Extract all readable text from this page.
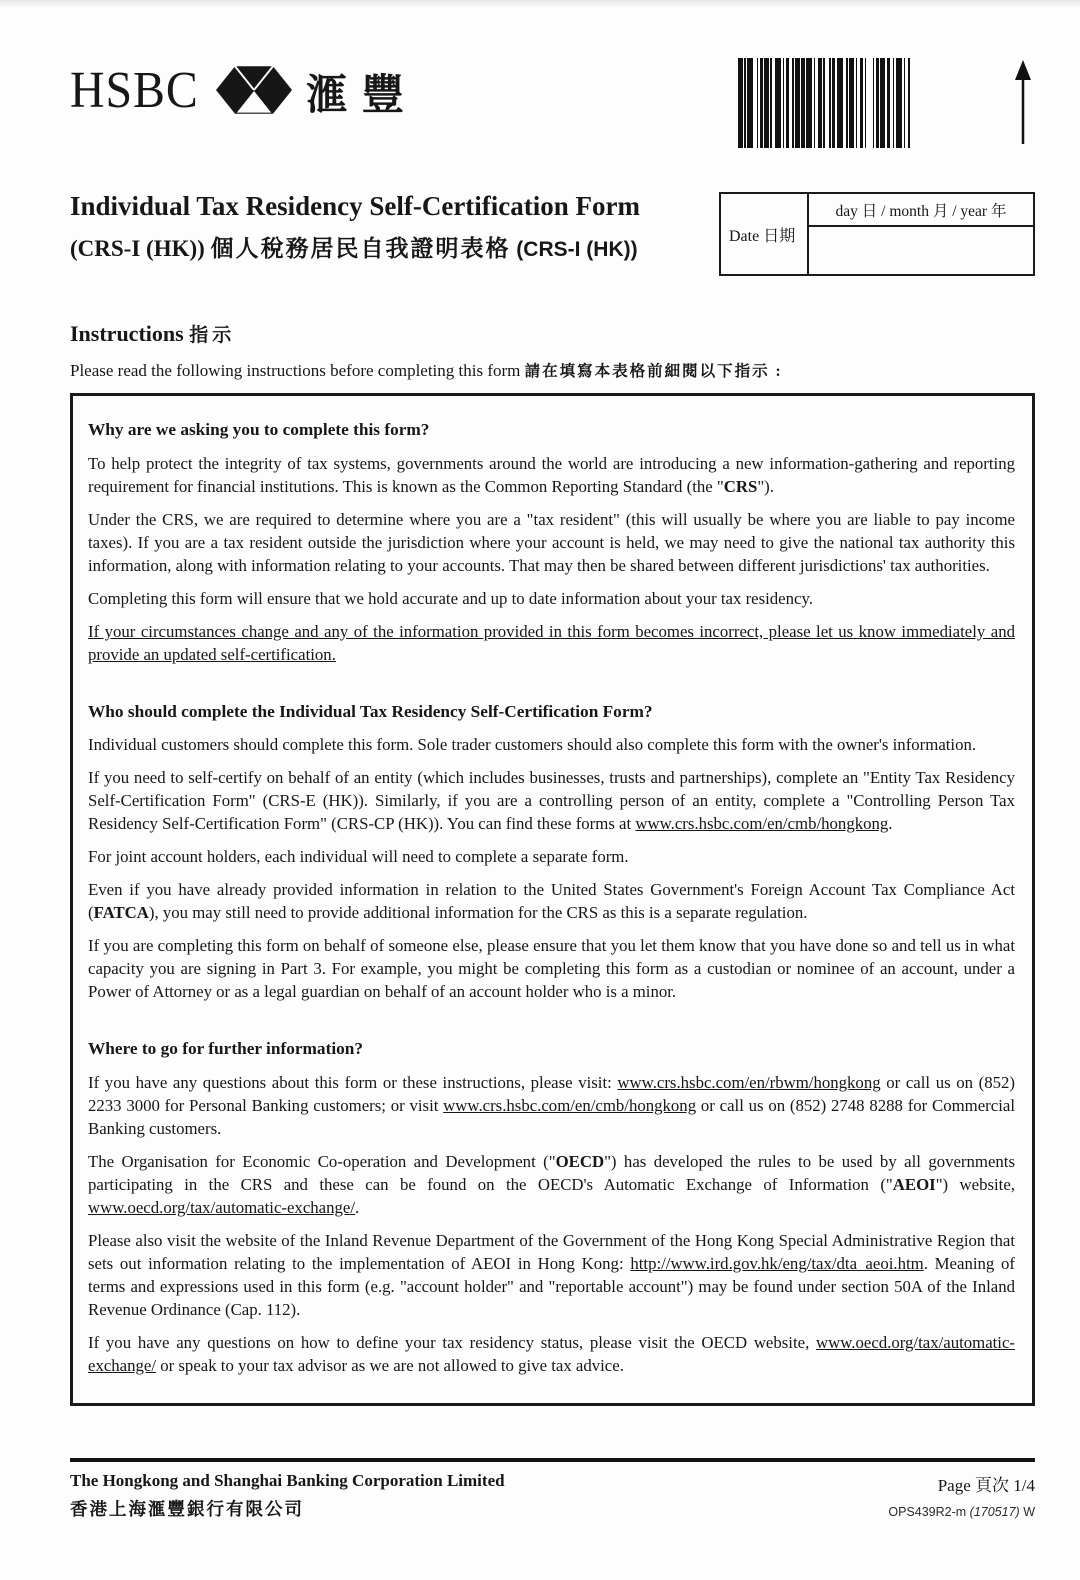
HSBC	滙豐
Individual Tax Residency Self-Certification Form
(CRS-I (HK)) 個人稅務居民自我證明表格 (CRS-I (HK))
Date 日期
day 日 / month 月 / year 年
Instructions 指示
Please read the following instructions before completing this form 請在填寫本表格前細閱以下指示 :

Why are we asking you to complete this form?

To help protect the integrity of tax systems, governments around the world are introducing a new information-gathering and reporting requirement for financial institutions. This is known as the Common Reporting Standard (the "CRS").

Under the CRS, we are required to determine where you are a "tax resident" (this will usually be where you are liable to pay income taxes). If you are a tax resident outside the jurisdiction where your account is held, we may need to give the national tax authority this information, along with information relating to your accounts. That may then be shared between different jurisdictions' tax authorities.

Completing this form will ensure that we hold accurate and up to date information about your tax residency.

If your circumstances change and any of the information provided in this form becomes incorrect, please let us know immediately and provide an updated self-certification.

Who should complete the Individual Tax Residency Self-Certification Form?

Individual customers should complete this form. Sole trader customers should also complete this form with the owner's information.

If you need to self-certify on behalf of an entity (which includes businesses, trusts and partnerships), complete an "Entity Tax Residency Self-Certification Form" (CRS-E (HK)). Similarly, if you are a controlling person of an entity, complete a "Controlling Person Tax Residency Self-Certification Form" (CRS-CP (HK)). You can find these forms at www.crs.hsbc.com/en/cmb/hongkong.

For joint account holders, each individual will need to complete a separate form.

Even if you have already provided information in relation to the United States Government's Foreign Account Tax Compliance Act (FATCA), you may still need to provide additional information for the CRS as this is a separate regulation.

If you are completing this form on behalf of someone else, please ensure that you let them know that you have done so and tell us in what capacity you are signing in Part 3. For example, you might be completing this form as a custodian or nominee of an account, under a Power of Attorney or as a legal guardian on behalf of an account holder who is a minor.

Where to go for further information?

If you have any questions about this form or these instructions, please visit: www.crs.hsbc.com/en/rbwm/hongkong or call us on (852) 2233 3000 for Personal Banking customers; or visit www.crs.hsbc.com/en/cmb/hongkong or call us on (852) 2748 8288 for Commercial Banking customers.

The Organisation for Economic Co-operation and Development ("OECD") has developed the rules to be used by all governments participating in the CRS and these can be found on the OECD's Automatic Exchange of Information ("AEOI") website, www.oecd.org/tax/automatic-exchange/.

Please also visit the website of the Inland Revenue Department of the Government of the Hong Kong Special Administrative Region that sets out information relating to the implementation of AEOI in Hong Kong: http://www.ird.gov.hk/eng/tax/dta_aeoi.htm. Meaning of terms and expressions used in this form (e.g. "account holder" and "reportable account") may be found under section 50A of the Inland Revenue Ordinance (Cap. 112).

If you have any questions on how to define your tax residency status, please visit the OECD website, www.oecd.org/tax/automatic-exchange/ or speak to your tax advisor as we are not allowed to give tax advice.

The Hongkong and Shanghai Banking Corporation Limited
香港上海滙豐銀行有限公司
Page 頁次 1/4
OPS439R2-m (170517) W
